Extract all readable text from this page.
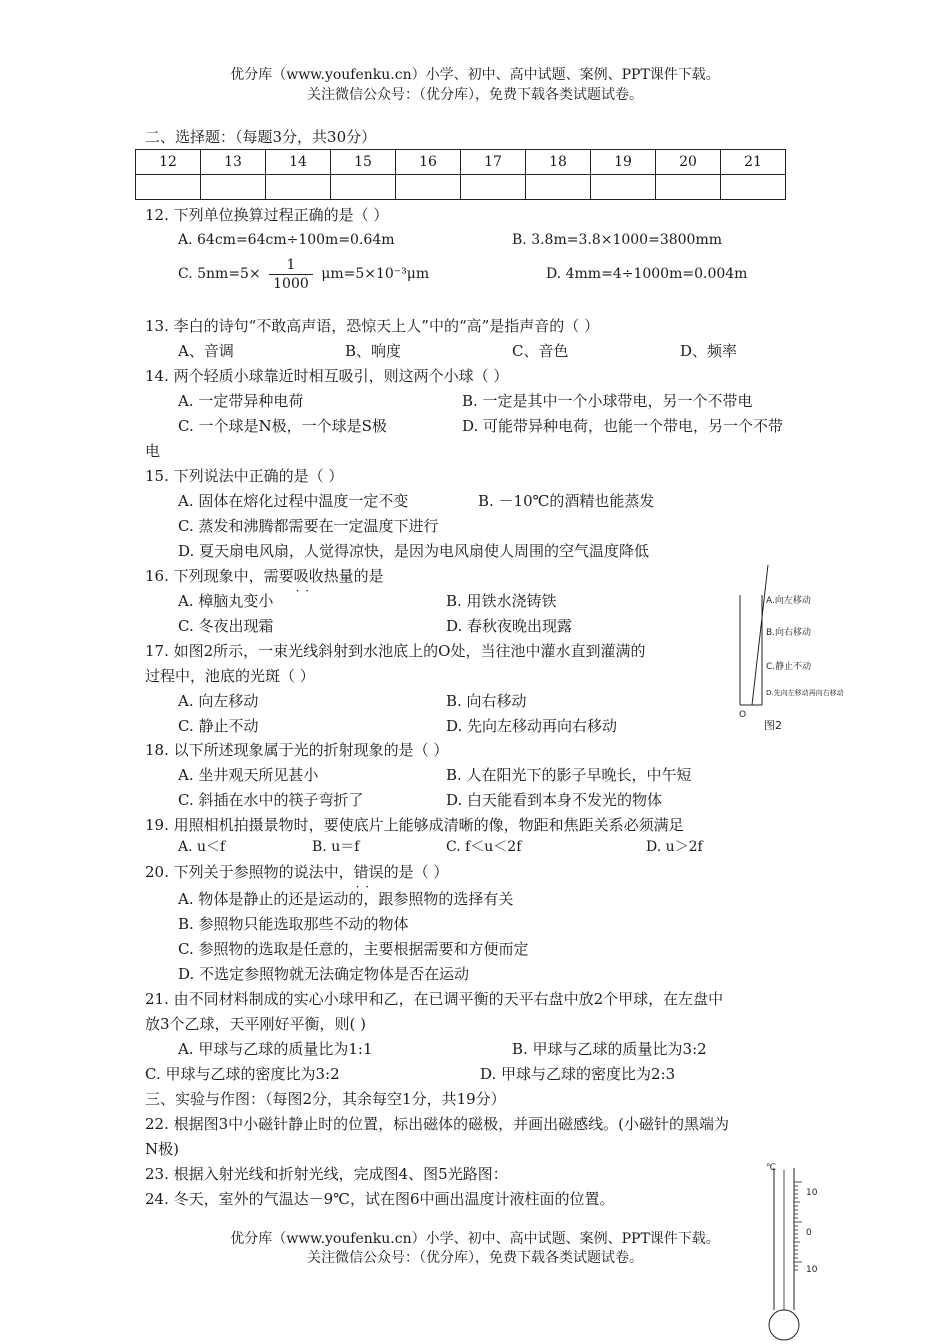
优分库（www.youfenku.cn）小学、初中、高中试题、案例、PPT课件下载。
关注微信公众号：（优分库），免费下载各类试题试卷。
二、选择题：（每题3分，共30分）
12	13	14	15	16	17	18	19	20	21

12. 下列单位换算过程正确的是（ ）
A. 64cm=64cm÷100m=0.64m	B. 3.8m=3.8×1000=3800mm
C. $5nm=5\times \frac{1}{1000} \mu m=5\times 10^{-3}\mu m$	D. 4mm=4÷1000m=0.004m
13. 李白的诗句“不敢高声语，恐惊天上人”中的“高”是指声音的（ ）
A、音调	B、响度	C、音色	D、频率
14. 两个轻质小球靠近时相互吸引，则这两个小球（ ）
A. 一定带异种电荷	B. 一定是其中一个小球带电，另一个不带电
C. 一个球是N极，一个球是S极	D. 可能带异种电荷，也能一个带电，另一个不带
电
15. 下列说法中正确的是（ ）
A. 固体在熔化过程中温度一定不变	B. －10℃的酒精也能蒸发
C. 蒸发和沸腾都需要在一定温度下进行
D. 夏天扇电风扇，人觉得凉快，是因为电风扇使人周围的空气温度降低
16. 下列现象中，需要吸收 · ·热量的是
A. 樟脑丸变小	B. 用铁水浇铸铁
C. 冬夜出现霜	D. 春秋夜晚出现露
17. 如图2所示，一束光线斜射到水池底上的O处，当往池中灌水直到灌满的
过程中，池底的光斑（ ）
A. 向左移动	B. 向右移动
C. 静止不动	D. 先向左移动再向右移动
O
A.向左移动
B.向右移动
C.静止不动
D.先向左移动再向右移动
图2
18. 以下所述现象属于光的折射现象的是（ ）
A. 坐井观天所见甚小	B. 人在阳光下的影子早晚长，中午短
C. 斜插在水中的筷子弯折了	D. 白天能看到本身不发光的物体
19. 用照相机拍摄景物时，要使底片上能够成清晰的像，物距和焦距关系必须满足
A. u＜f	B. u＝f	C. f＜u＜2f	D. u＞2f
20. 下列关于参照物的说法中，错误 · ·的是（ ）
A. 物体是静止的还是运动的，跟参照物的选择有关
B. 参照物只能选取那些不动的物体
C. 参照物的选取是任意的，主要根据需要和方便而定
D. 不选定参照物就无法确定物体是否在运动
21. 由不同材料制成的实心小球甲和乙，在已调平衡的天平右盘中放2个甲球，在左盘中
放3个乙球，天平刚好平衡，则( )
A. 甲球与乙球的质量比为1:1	B. 甲球与乙球的质量比为3:2
C. 甲球与乙球的密度比为3:2	D. 甲球与乙球的密度比为2:3
三、实验与作图：（每图2分，其余每空1分，共19分）
22. 根据图3中小磁针静止时的位置，标出磁体的磁极，并画出磁感线。(小磁针的黑端为
N极)
23. 根据入射光线和折射光线，完成图4、图5光路图：
24. 冬天，室外的气温达－9℃，试在图6中画出温度计液柱面的位置。
℃
10
0
10
优分库（www.youfenku.cn）小学、初中、高中试题、案例、PPT课件下载。
关注微信公众号：（优分库），免费下载各类试题试卷。
